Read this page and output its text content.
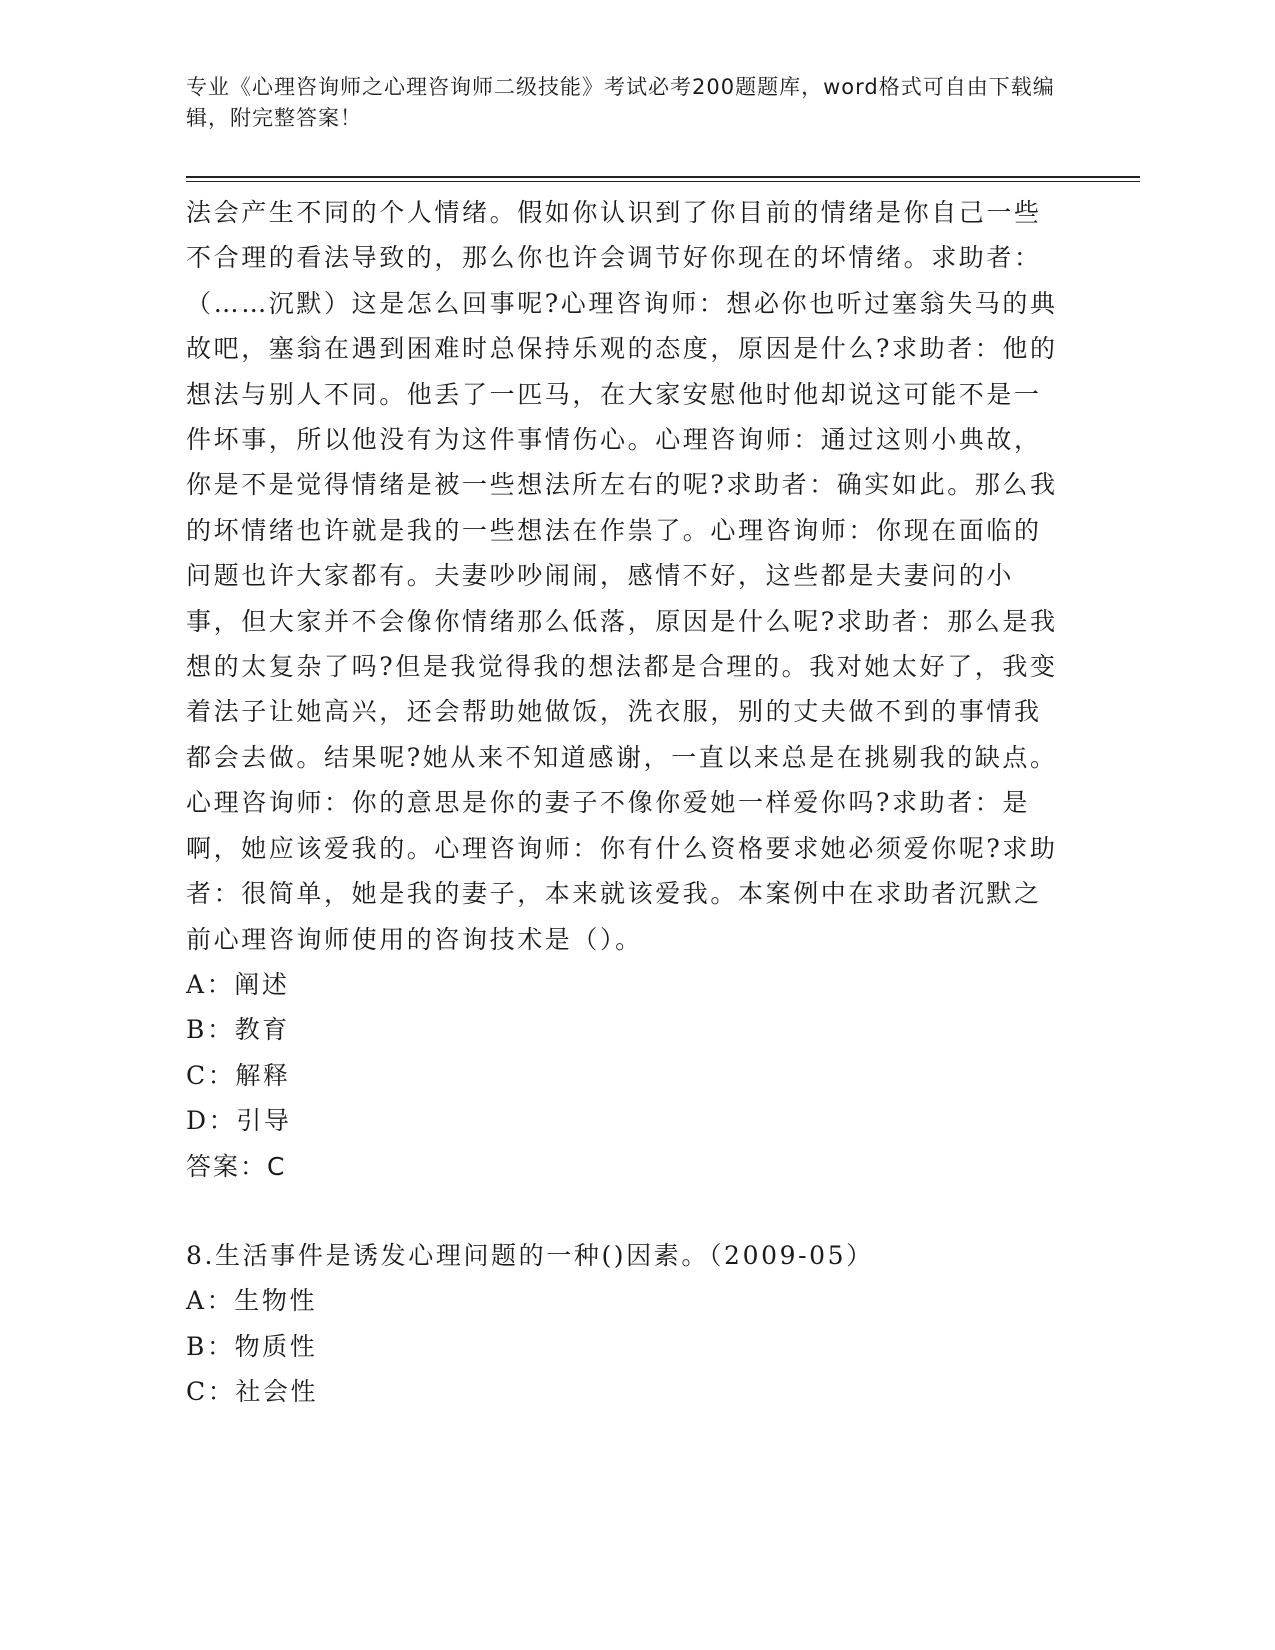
专业《心理咨询师之心理咨询师二级技能》考试必考200题题库，word格式可自由下载编辑，附完整答案！

法会产生不同的个人情绪。假如你认识到了你目前的情绪是你自己一些不合理的看法导致的，那么你也许会调节好你现在的坏情绪。求助者：（……沉默）这是怎么回事呢?心理咨询师：想必你也听过塞翁失马的典故吧，塞翁在遇到困难时总保持乐观的态度，原因是什么?求助者：他的想法与别人不同。他丢了一匹马，在大家安慰他时他却说这可能不是一件坏事，所以他没有为这件事情伤心。心理咨询师：通过这则小典故，你是不是觉得情绪是被一些想法所左右的呢?求助者：确实如此。那么我的坏情绪也许就是我的一些想法在作祟了。心理咨询师：你现在面临的问题也许大家都有。夫妻吵吵闹闹，感情不好，这些都是夫妻问的小事，但大家并不会像你情绪那么低落，原因是什么呢?求助者：那么是我想的太复杂了吗?但是我觉得我的想法都是合理的。我对她太好了，我变着法子让她高兴，还会帮助她做饭，洗衣服，别的丈夫做不到的事情我都会去做。结果呢?她从来不知道感谢，一直以来总是在挑剔我的缺点。心理咨询师：你的意思是你的妻子不像你爱她一样爱你吗?求助者：是啊，她应该爱我的。心理咨询师：你有什么资格要求她必须爱你呢?求助者：很简单，她是我的妻子，本来就该爱我。本案例中在求助者沉默之前心理咨询师使用的咨询技术是（）。

A：阐述

B：教育

C：解释

D：引导

答案：C

8.生活事件是诱发心理问题的一种()因素。（2009-05）

A：生物性

B：物质性

C：社会性
